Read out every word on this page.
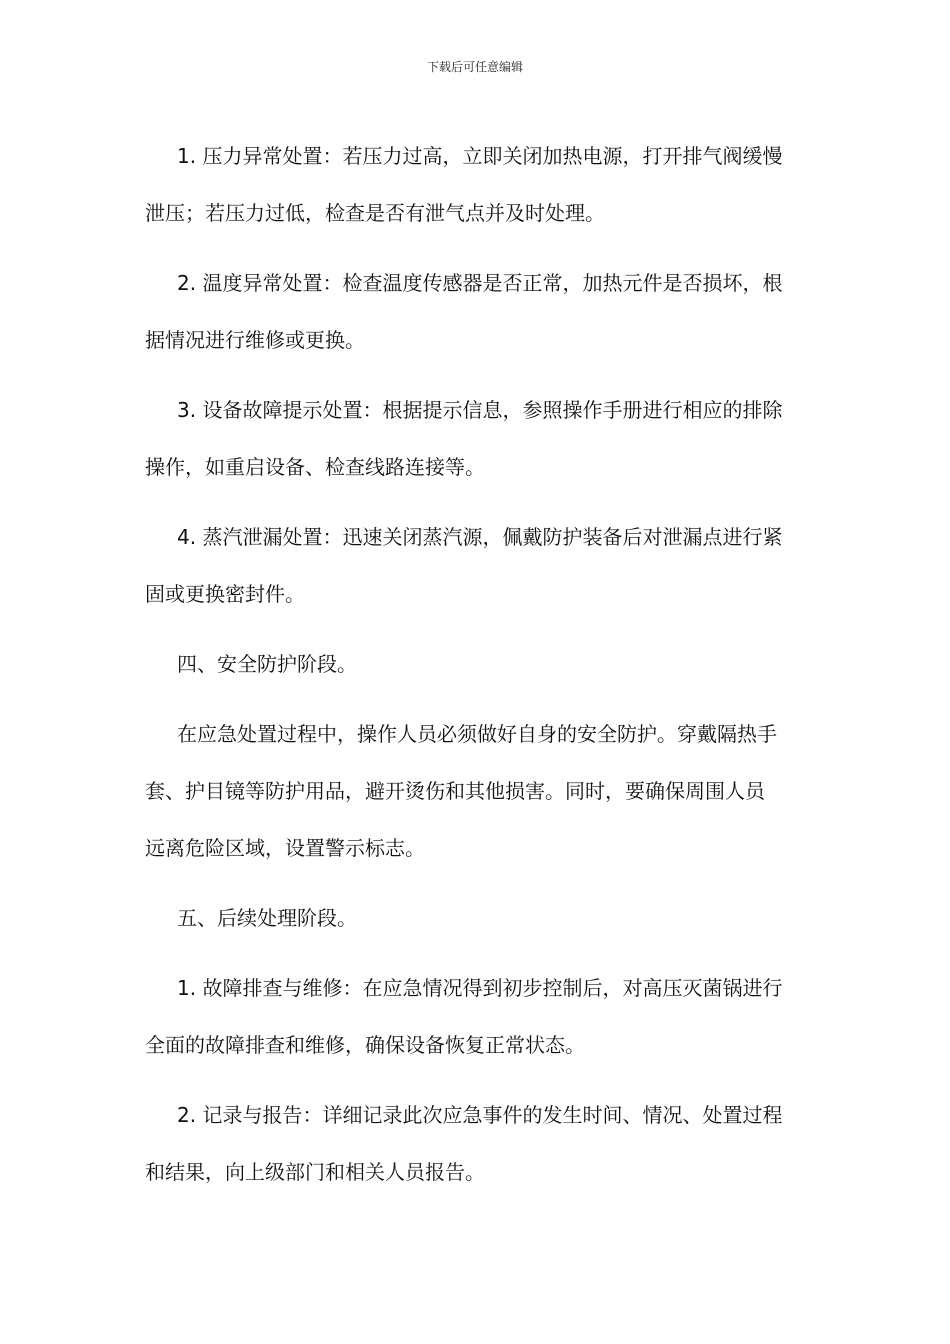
下载后可任意编辑

1. 压力异常处置：若压力过高，立即关闭加热电源，打开排气阀缓慢
泄压；若压力过低，检查是否有泄气点并及时处理。

2. 温度异常处置：检查温度传感器是否正常，加热元件是否损坏，根
据情况进行维修或更换。

3. 设备故障提示处置：根据提示信息，参照操作手册进行相应的排除
操作，如重启设备、检查线路连接等。

4. 蒸汽泄漏处置：迅速关闭蒸汽源，佩戴防护装备后对泄漏点进行紧
固或更换密封件。

四、安全防护阶段。

在应急处置过程中，操作人员必须做好自身的安全防护。穿戴隔热手
套、护目镜等防护用品，避开烫伤和其他损害。同时，要确保周围人员
远离危险区域，设置警示标志。

五、后续处理阶段。

1. 故障排查与维修：在应急情况得到初步控制后，对高压灭菌锅进行
全面的故障排查和维修，确保设备恢复正常状态。

2. 记录与报告：详细记录此次应急事件的发生时间、情况、处置过程
和结果，向上级部门和相关人员报告。
